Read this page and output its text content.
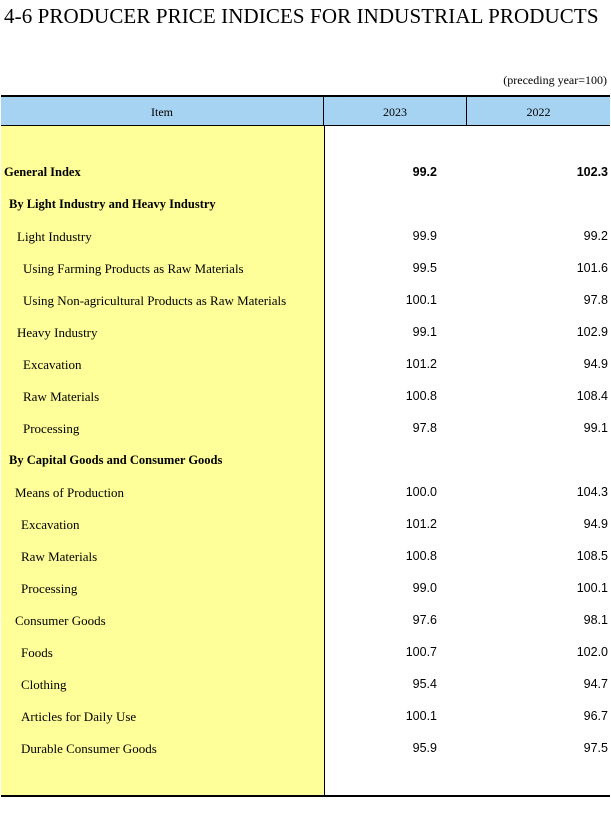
4-6 PRODUCER PRICE INDICES FOR INDUSTRIAL PRODUCTS
(preceding year=100)
Item	2023	2022
General Index	99.2	102.3
By Light Industry and Heavy Industry
Light Industry	99.9	99.2
Using Farming Products as Raw Materials	99.5	101.6
Using Non-agricultural Products as Raw Materials	100.1	97.8
Heavy Industry	99.1	102.9
Excavation	101.2	94.9
Raw Materials	100.8	108.4
Processing	97.8	99.1
By Capital Goods and Consumer Goods
Means of Production	100.0	104.3
Excavation	101.2	94.9
Raw Materials	100.8	108.5
Processing	99.0	100.1
Consumer Goods	97.6	98.1
Foods	100.7	102.0
Clothing	95.4	94.7
Articles for Daily Use	100.1	96.7
Durable Consumer Goods	95.9	97.5
